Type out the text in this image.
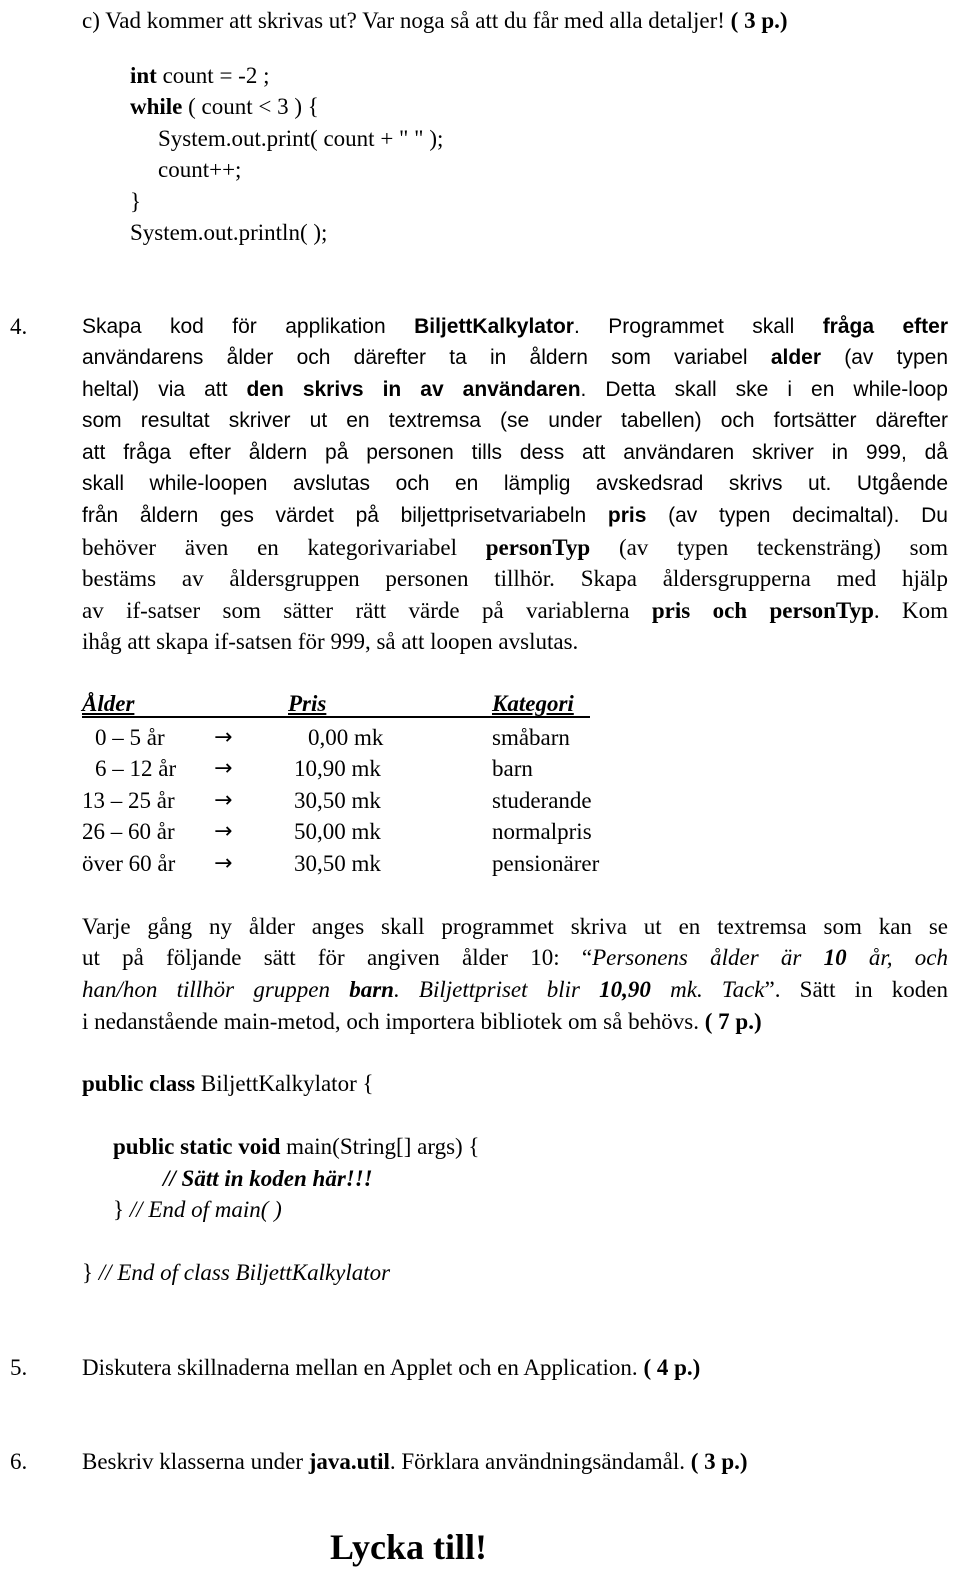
c) Vad kommer att skrivas ut? Var noga så att du får med alla detaljer! ( 3 p.)
int count = -2 ;
while ( count < 3 ) {
System.out.print( count + " " );
count++;
}
System.out.println( );
4.	Skapa kod för applikation BiljettKalkylator. Programmet skall fråga efter
användarens ålder och därefter ta in åldern som variabel alder (av typen
heltal) via att den skrivs in av användaren. Detta skall ske i en while-loop
som resultat skriver ut en textremsa (se under tabellen) och fortsätter därefter
att fråga efter åldern på personen tills dess att användaren skriver in 999, då
skall while-loopen avslutas och en lämplig avskedsrad skrivs ut. Utgående
från åldern ges värdet på biljettprisetvariabeln pris (av typen decimaltal). Du
behöver även en kategorivariabel personTyp (av typen teckensträng) som
bestäms av åldersgruppen personen tillhör. Skapa åldersgrupperna med hjälp
av if-satser som sätter rätt värde på variablerna pris och personTyp. Kom
ihåg att skapa if-satsen för 999, så att loopen avslutas.
Ålder	Pris	Kategori
0 – 5 år →	0,00 mk	småbarn
6 – 12 år →	10,90 mk	barn
13 – 25 år →	30,50 mk	studerande
26 – 60 år →	50,00 mk	normalpris
över 60 år →	30,50 mk	pensionärer
Varje gång ny ålder anges skall programmet skriva ut en textremsa som kan se
ut på följande sätt för angiven ålder 10: “Personens ålder är 10 år, och
han/hon tillhör gruppen barn. Biljettpriset blir 10,90 mk. Tack”. Sätt in koden
i nedanstående main-metod, och importera bibliotek om så behövs. ( 7 p.)
public class BiljettKalkylator {
public static void main(String[] args) {
// Sätt in koden här!!!
} // End of main( )
} // End of class BiljettKalkylator
5. Diskutera skillnaderna mellan en Applet och en Application. ( 4 p.)
6. Beskriv klasserna under java.util. Förklara användningsändamål. ( 3 p.)
Lycka till!
